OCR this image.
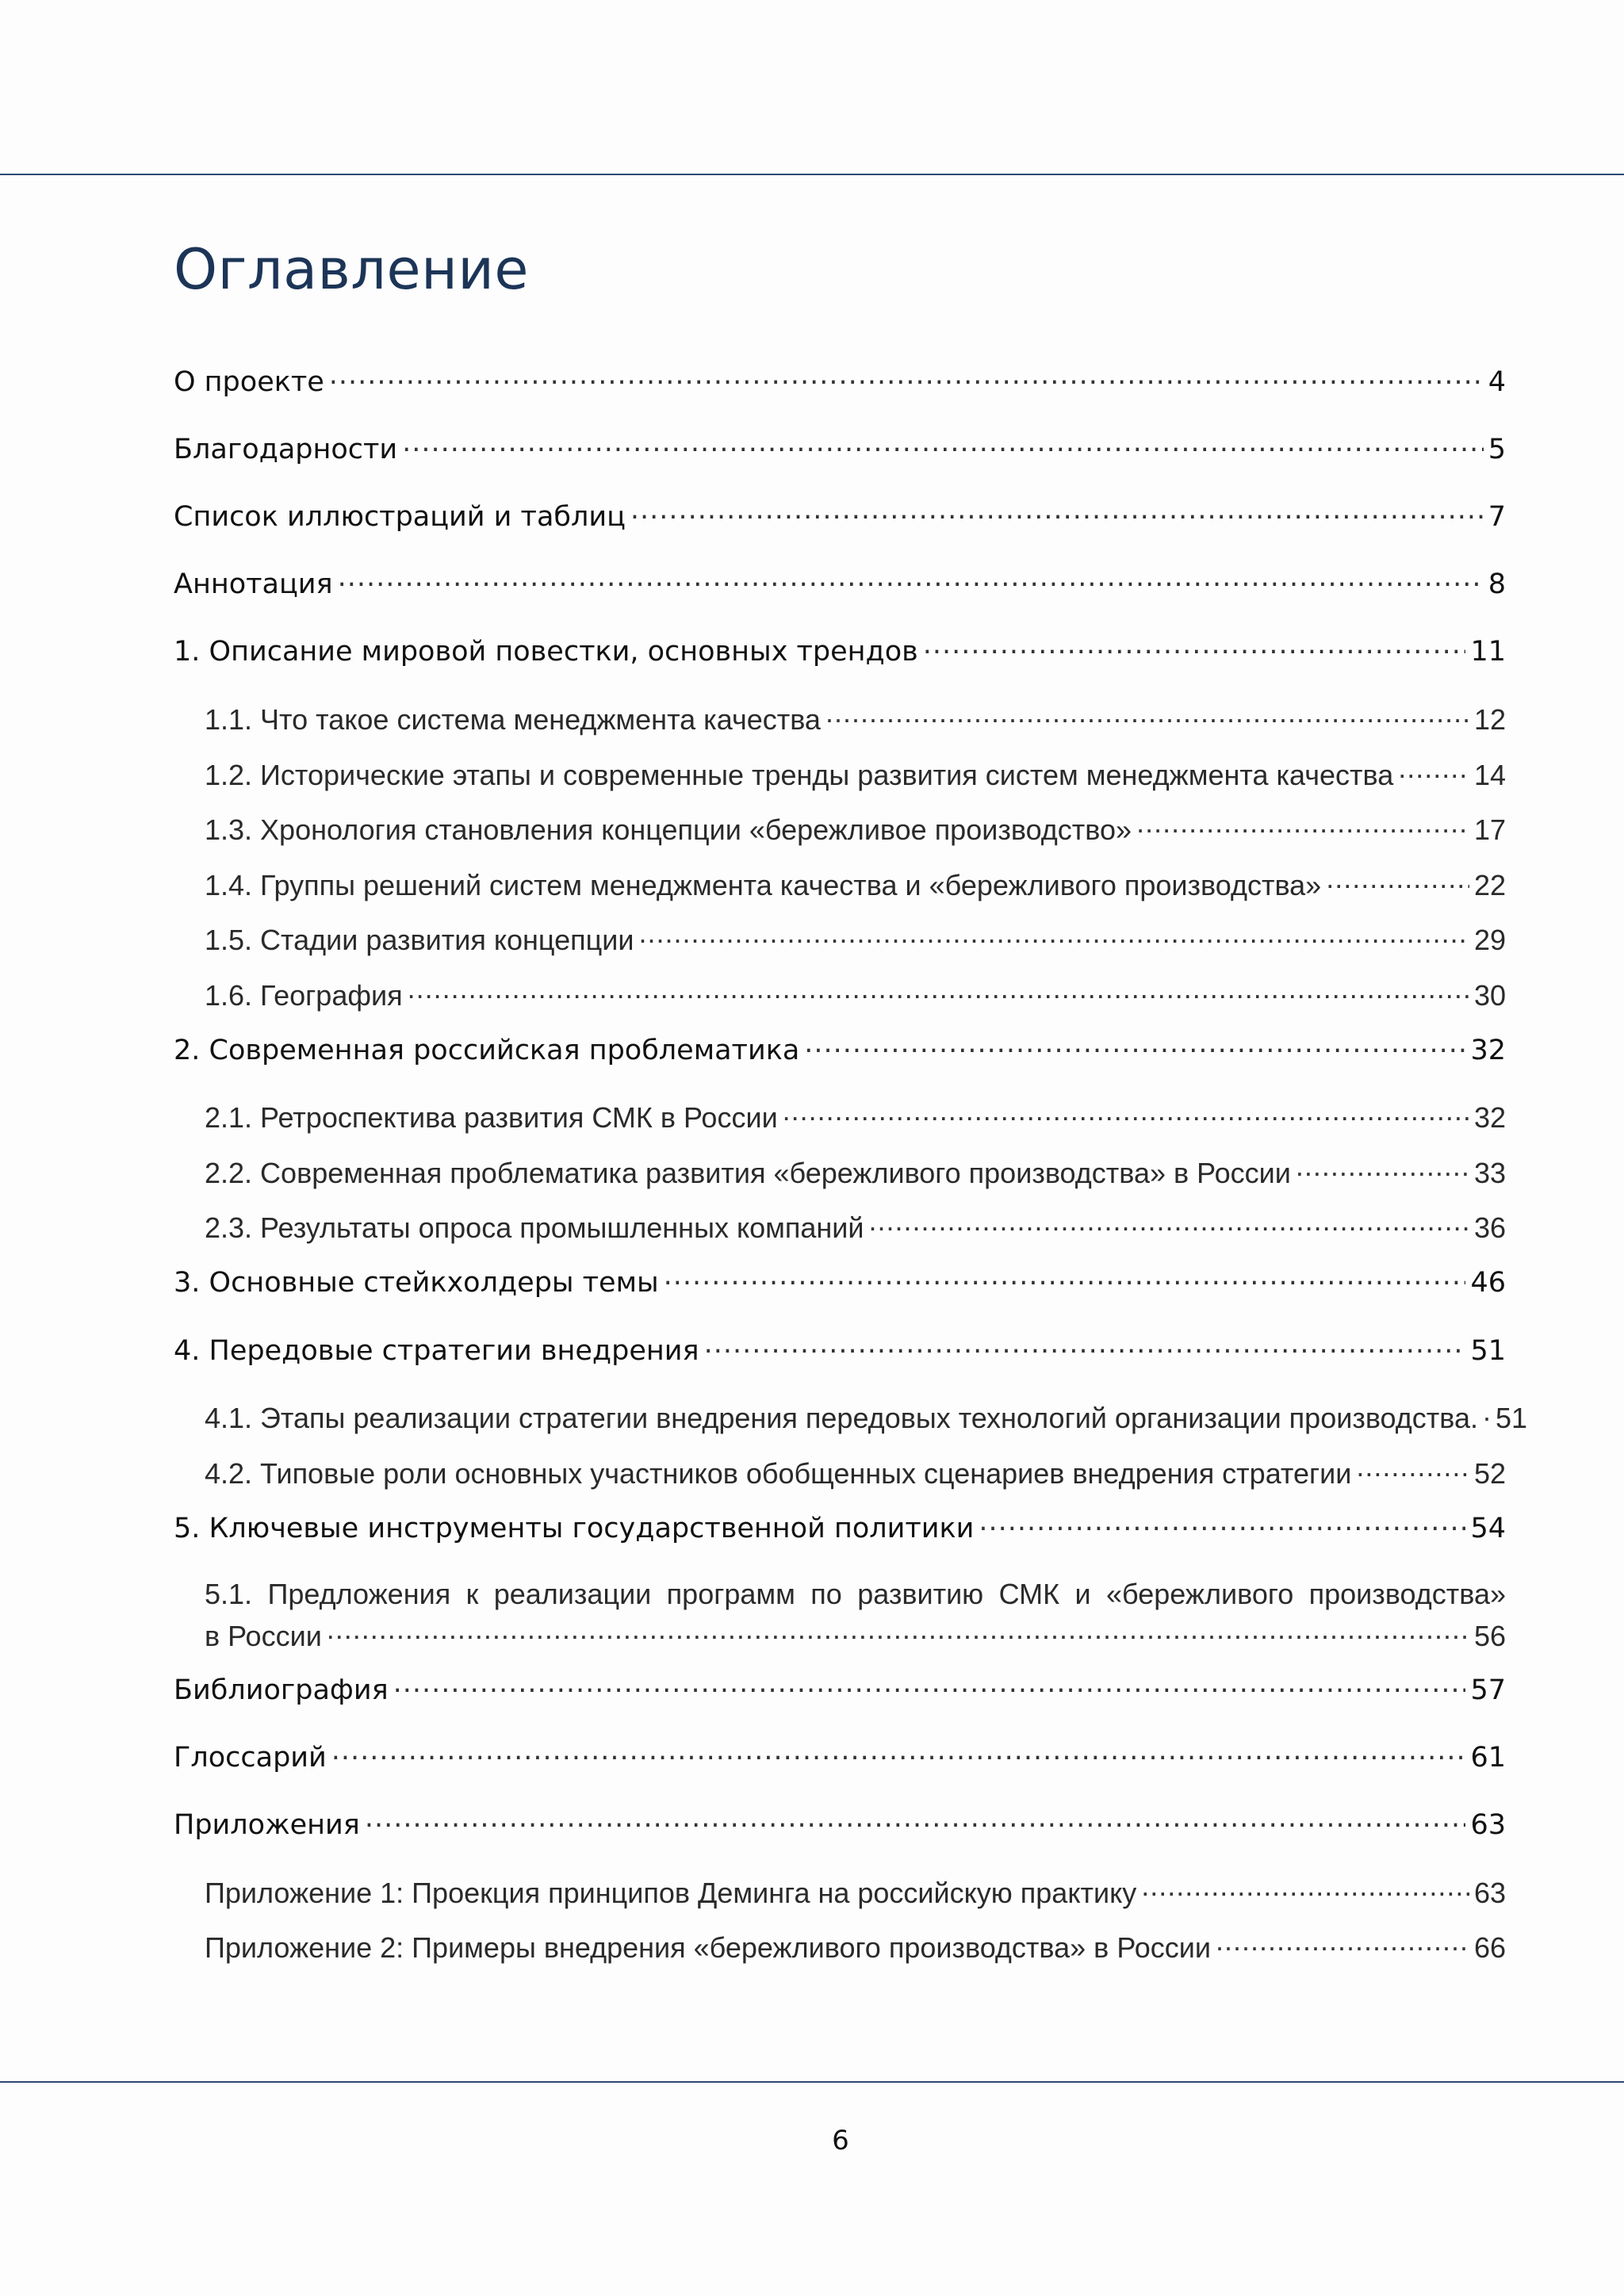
Оглавление
О проекте .....	4
Благодарности .....	5
Список иллюстраций и таблиц .....	7
Аннотация .....	8
1. Описание мировой повестки, основных трендов .....	11
1.1. Что такое система менеджмента качества .....	12
1.2. Исторические этапы и современные тренды развития систем менеджмента качества .....	14
1.3. Хронология становления концепции «бережливое производство» .....	17
1.4. Группы решений систем менеджмента качества и «бережливого производства» .....	22
1.5. Стадии развития концепции .....	29
1.6. География .....	30
2. Современная российская проблематика .....	32
2.1. Ретроспектива развития СМК в России .....	32
2.2. Современная проблематика развития «бережливого производства» в России .....	33
2.3. Результаты опроса промышленных компаний .....	36
3. Основные стейкхолдеры темы .....	46
4. Передовые стратегии внедрения .....	51
4.1. Этапы реализации стратегии внедрения передовых технологий организации производства. ..... 51
4.2. Типовые роли основных участников обобщенных сценариев внедрения стратегии .....	52
5. Ключевые инструменты государственной политики .....	54
5.1. Предложения к реализации программ по развитию СМК и «бережливого производства»
в России .....	56
Библиография .....	57
Глоссарий .....	61
Приложения .....	63
Приложение 1: Проекция принципов Деминга на российскую практику .....	63
Приложение 2: Примеры внедрения «бережливого производства» в России .....	66
6
